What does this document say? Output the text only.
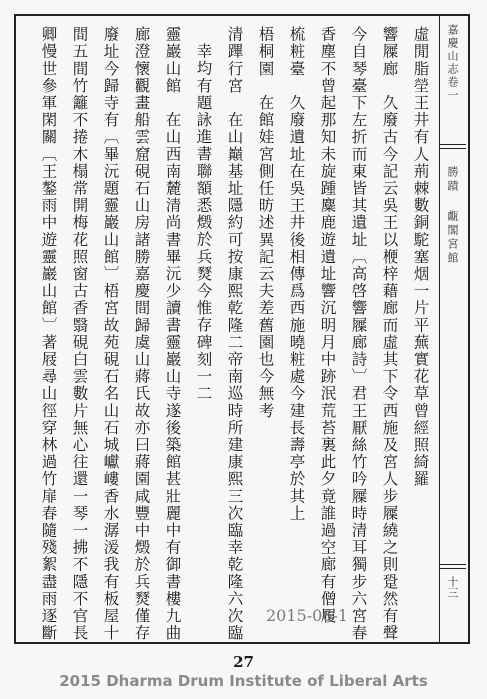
嘉慶山志卷一
勝蹟 甗閣宮館
十三
虛閒脂塋王井有人荊棘數銅駝塞烟一片平蕪實花草曾經照綺羅
響屧廊　久廢古今記云吳王以楩梓藉廊而虛其下令西施及宮人步屧繞之則跫然有聲
今自琴臺下左折而東皆其遺址〔高啓響屧廊詩〕君王厭絲竹吟屧時清耳獨步六宮春
香塵不曾起那知未旋踵麋鹿遊遺址響沉明月中跡泯荒苔裏此夕竟誰過空廊有僧履
梳粧臺　久廢遺址在吳王井後相傳爲西施曉粧處今建長壽亭於其上
梧桐園　在館娃宮側任昉述異記云夫差舊園也今無考
清蹕行宮　在山巔基址隱約可按康熙乾隆二帝南巡時所建康熙三次臨幸乾隆六次臨
幸均有題詠進書聯額悉燬於兵燹今惟存碑刻一二
靈巖山館　在山西南麓清尚書畢沅少讀書靈巖山寺遂後築館甚壯麗中有御書樓九曲
廊澄懷觀畫船雲窟硯石山房諸勝嘉慶間歸虞山蔣氏故亦曰蔣園咸豐中燬於兵燹僅存
廢址今歸寺有〔畢沅題靈巖山館〕梧宮故苑硯石名山石城巘嶁香水潺湲我有板屋十
間五間竹籬不捲木榻常開梅花照窗古香翳硯白雲數片無心往還一琴一拂不隱不官長
卿慢世參軍閑關〔王鏊雨中遊靈巖山館〕著屐尋山徑穿林過竹扉春隨殘絮盡雨逐斷	2015-06-1
27
2015 Dharma Drum Institute of Liberal Arts
